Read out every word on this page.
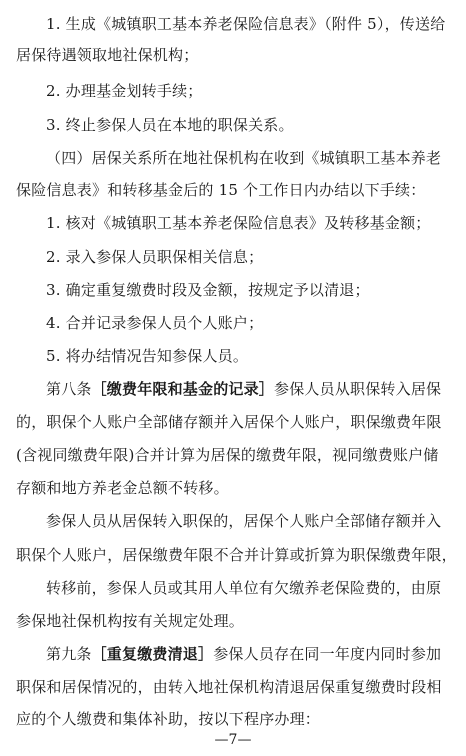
1. 生成《城镇职工基本养老保险信息表》（附件 5），传送给
居保待遇领取地社保机构；
2. 办理基金划转手续；
3. 终止参保人员在本地的职保关系。
（四）居保关系所在地社保机构在收到《城镇职工基本养老
保险信息表》和转移基金后的 15 个工作日内办结以下手续：
1. 核对《城镇职工基本养老保险信息表》及转移基金额；
2. 录入参保人员职保相关信息；
3. 确定重复缴费时段及金额，按规定予以清退；
4. 合并记录参保人员个人账户；
5. 将办结情况告知参保人员。
第八条［缴费年限和基金的记录］参保人员从职保转入居保
的，职保个人账户全部储存额并入居保个人账户，职保缴费年限
(含视同缴费年限)合并计算为居保的缴费年限，视同缴费账户储
存额和地方养老金总额不转移。
参保人员从居保转入职保的，居保个人账户全部储存额并入
职保个人账户，居保缴费年限不合并计算或折算为职保缴费年限，
转移前，参保人员或其用人单位有欠缴养老保险费的，由原
参保地社保机构按有关规定处理。
第九条［重复缴费清退］参保人员存在同一年度内同时参加
职保和居保情况的，由转入地社保机构清退居保重复缴费时段相
应的个人缴费和集体补助，按以下程序办理：
—7—
